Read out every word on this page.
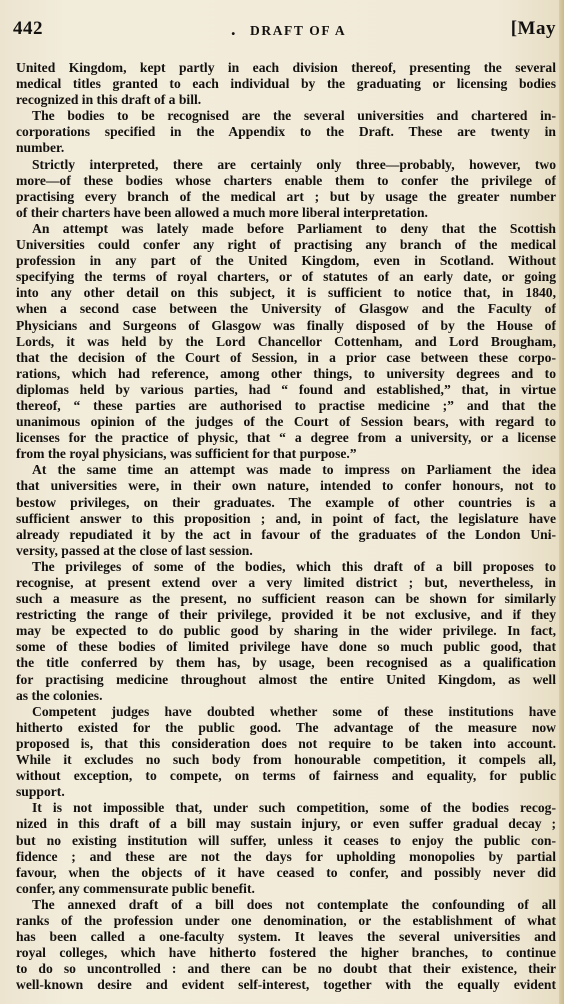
442	. DRAFT OF A	[May
United Kingdom, kept partly in each division thereof, presenting the several
medical titles granted to each individual by the graduating or licensing bodies
recognized in this draft of a bill.
The bodies to be recognised are the several universities and chartered in-
corporations specified in the Appendix to the Draft. These are twenty in
number.
Strictly interpreted, there are certainly only three—probably, however, two
more—of these bodies whose charters enable them to confer the privilege of
practising every branch of the medical art ; but by usage the greater number
of their charters have been allowed a much more liberal interpretation.
An attempt was lately made before Parliament to deny that the Scottish
Universities could confer any right of practising any branch of the medical
profession in any part of the United Kingdom, even in Scotland. Without
specifying the terms of royal charters, or of statutes of an early date, or going
into any other detail on this subject, it is sufficient to notice that, in 1840,
when a second case between the University of Glasgow and the Faculty of
Physicians and Surgeons of Glasgow was finally disposed of by the House of
Lords, it was held by the Lord Chancellor Cottenham, and Lord Brougham,
that the decision of the Court of Session, in a prior case between these corpo-
rations, which had reference, among other things, to university degrees and to
diplomas held by various parties, had “ found and established,” that, in virtue
thereof, “ these parties are authorised to practise medicine ;” and that the
unanimous opinion of the judges of the Court of Session bears, with regard to
licenses for the practice of physic, that “ a degree from a university, or a license
from the royal physicians, was sufficient for that purpose.”
At the same time an attempt was made to impress on Parliament the idea
that universities were, in their own nature, intended to confer honours, not to
bestow privileges, on their graduates. The example of other countries is a
sufficient answer to this proposition ; and, in point of fact, the legislature have
already repudiated it by the act in favour of the graduates of the London Uni-
versity, passed at the close of last session.
The privileges of some of the bodies, which this draft of a bill proposes to
recognise, at present extend over a very limited district ; but, nevertheless, in
such a measure as the present, no sufficient reason can be shown for similarly
restricting the range of their privilege, provided it be not exclusive, and if they
may be expected to do public good by sharing in the wider privilege. In fact,
some of these bodies of limited privilege have done so much public good, that
the title conferred by them has, by usage, been recognised as a qualification
for practising medicine throughout almost the entire United Kingdom, as well
as the colonies.
Competent judges have doubted whether some of these institutions have
hitherto existed for the public good. The advantage of the measure now
proposed is, that this consideration does not require to be taken into account.
While it excludes no such body from honourable competition, it compels all,
without exception, to compete, on terms of fairness and equality, for public
support.
It is not impossible that, under such competition, some of the bodies recog-
nized in this draft of a bill may sustain injury, or even suffer gradual decay ;
but no existing institution will suffer, unless it ceases to enjoy the public con-
fidence ; and these are not the days for upholding monopolies by partial
favour, when the objects of it have ceased to confer, and possibly never did
confer, any commensurate public benefit.
The annexed draft of a bill does not contemplate the confounding of all
ranks of the profession under one denomination, or the establishment of what
has been called a one-faculty system. It leaves the several universities and
royal colleges, which have hitherto fostered the higher branches, to continue
to do so uncontrolled : and there can be no doubt that their existence, their
well-known desire and evident self-interest, together with the equally evident
